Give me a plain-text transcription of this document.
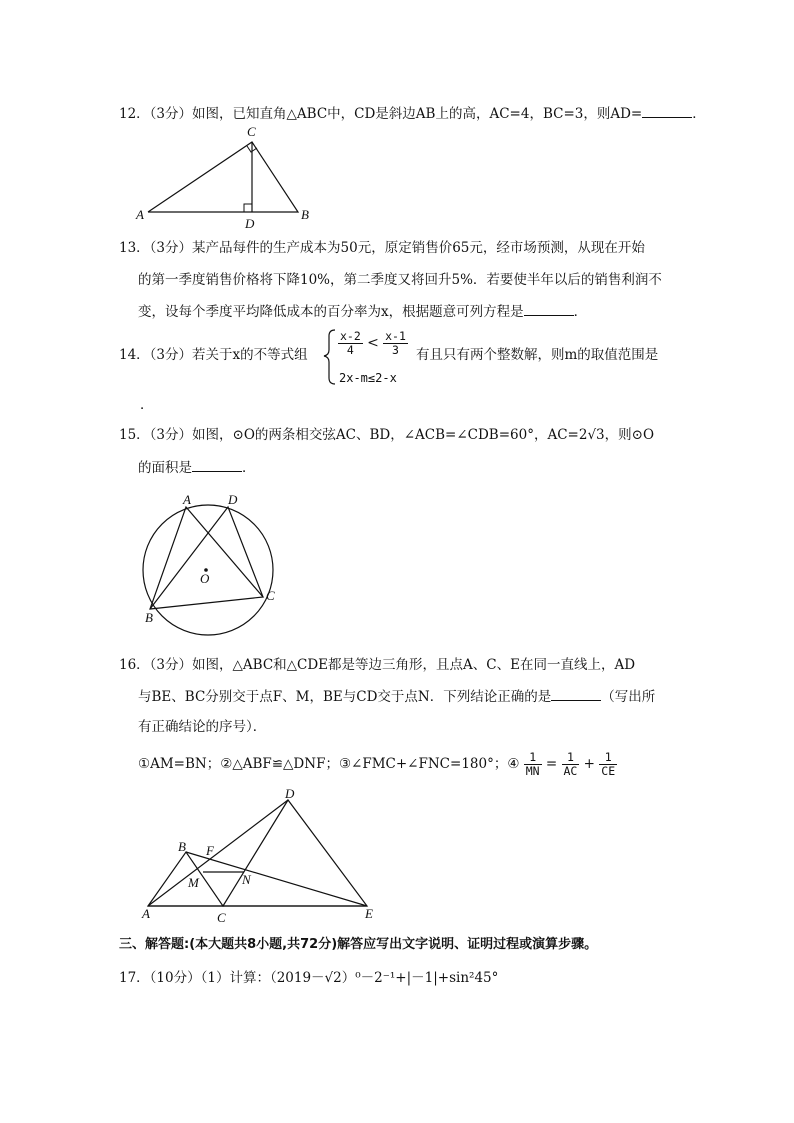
12．（3分）如图，已知直角△ABC中，CD是斜边AB上的高，AC=4，BC=3，则AD=	．
A
C
D
B
13．（3分）某产品每件的生产成本为50元，原定销售价65元，经市场预测，从现在开始
的第一季度销售价格将下降10%，第二季度又将回升5%．若要使半年以后的销售利润不
变，设每个季度平均降低成本的百分率为x，根据题意可列方程是	．
14．（3分）若关于x的不等式组	$\frac{x-2}{4} < \frac{x-1}{3}$
2x-m≤2-x
有且只有两个整数解，则m的取值范围是
．
15．（3分）如图，⊙O的两条相交弦AC、BD，∠ACB=∠CDB=60°，AC=2√3，则⊙O
的面积是	．
A	D
O
C
B
16．（3分）如图，△ABC和△CDE都是等边三角形，且点A、C、E在同一直线上，AD
与BE、BC分别交于点F、M，BE与CD交于点N．下列结论正确的是	（写出所
有正确结论的序号）．
①AM=BN；②△ABF≌△DNF；③∠FMC+∠FNC=180°；④ $\frac{1}{MN} = \frac{1}{AC} + \frac{1}{CE}$
A
B
C
D
E
F
M	N
三、解答题:(本大题共8小题,共72分)解答应写出文字说明、证明过程或演算步骤。
17．（10分）（1）计算：（2019－√2）⁰－2⁻¹+|－1|+sin²45°
